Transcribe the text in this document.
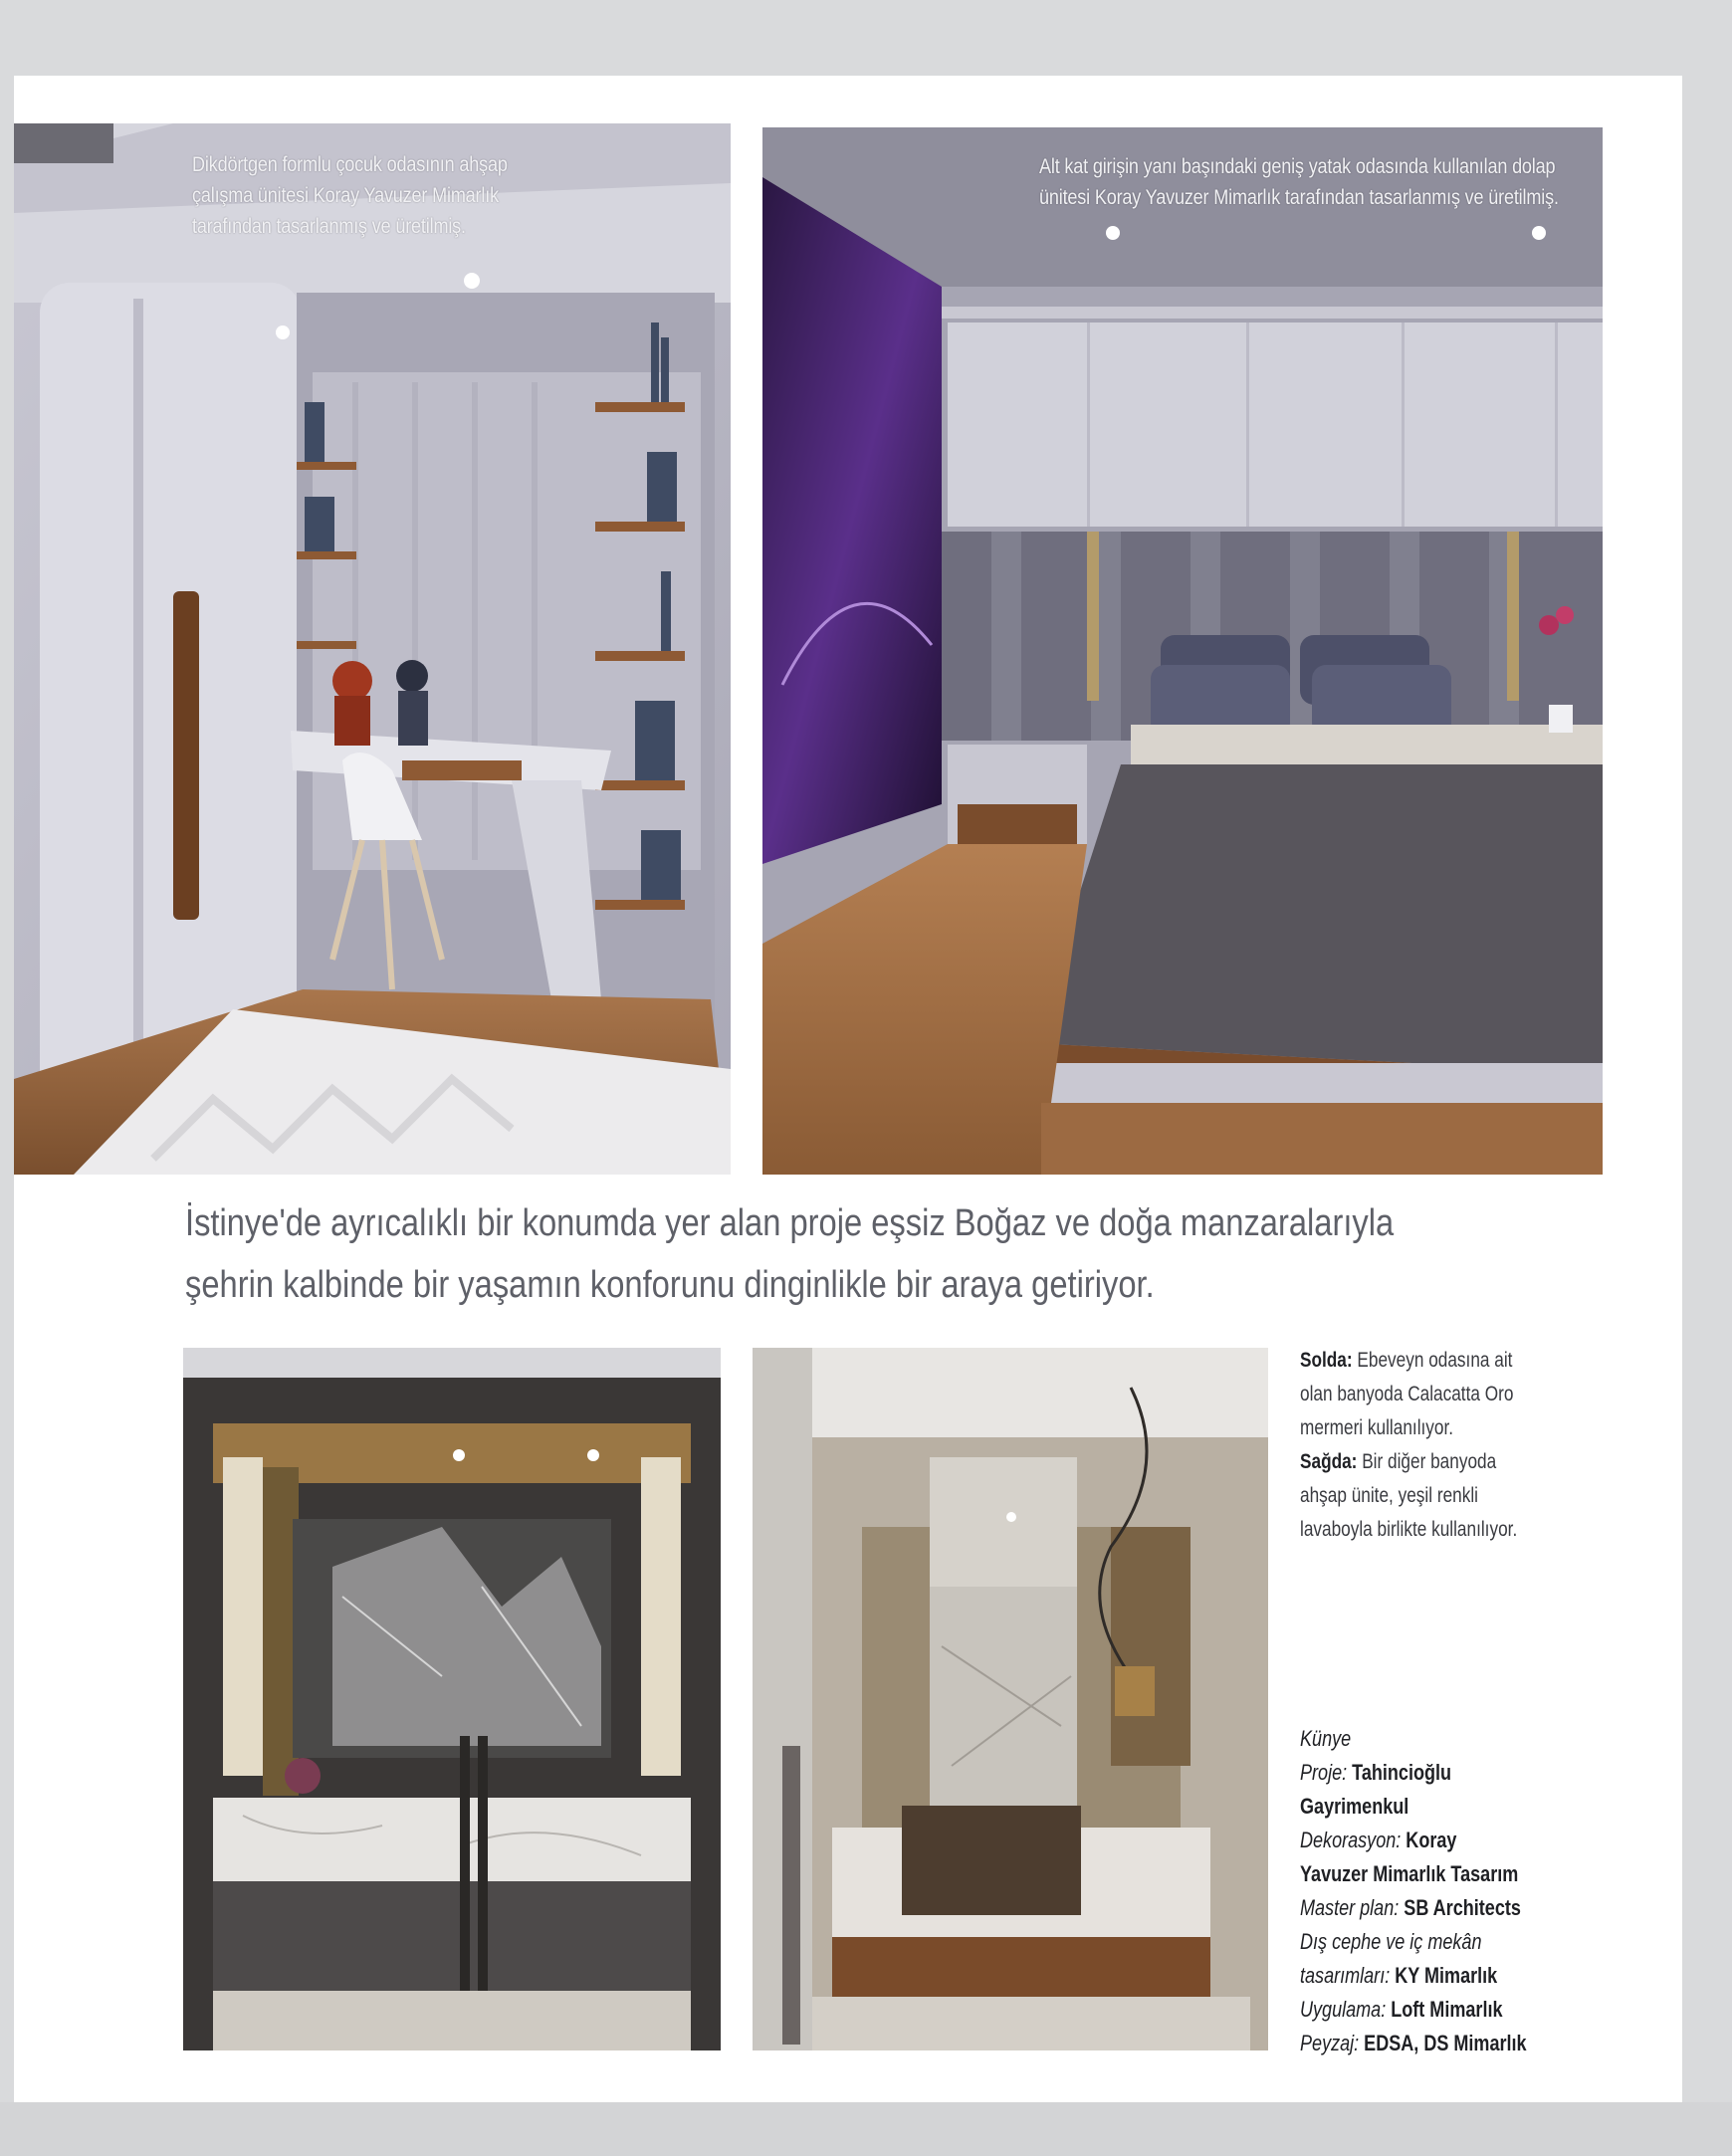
Dikdörtgen formlu çocuk odasının ahşap
çalışma ünitesi Koray Yavuzer Mimarlık
tarafından tasarlanmış ve üretilmiş.
Alt kat girişin yanı başındaki geniş yatak odasında kullanılan dolap
ünitesi Koray Yavuzer Mimarlık tarafından tasarlanmış ve üretilmiş.
İstinye'de ayrıcalıklı bir konumda yer alan proje eşsiz Boğaz ve doğa manzaralarıyla
şehrin kalbinde bir yaşamın konforunu dinginlikle bir araya getiriyor.
Solda: Ebeveyn odasına ait olan banyoda Calacatta Oro mermeri kullanılıyor.
Sağda: Bir diğer banyoda ahşap ünite, yeşil renkli lavaboyla birlikte kullanılıyor.
Künye
Proje: Tahincioğlu
Gayrimenkul
Dekorasyon: Koray
Yavuzer Mimarlık Tasarım
Master plan: SB Architects
Dış cephe ve iç mekân
tasarımları: KY Mimarlık
Uygulama: Loft Mimarlık
Peyzaj: EDSA, DS Mimarlık
